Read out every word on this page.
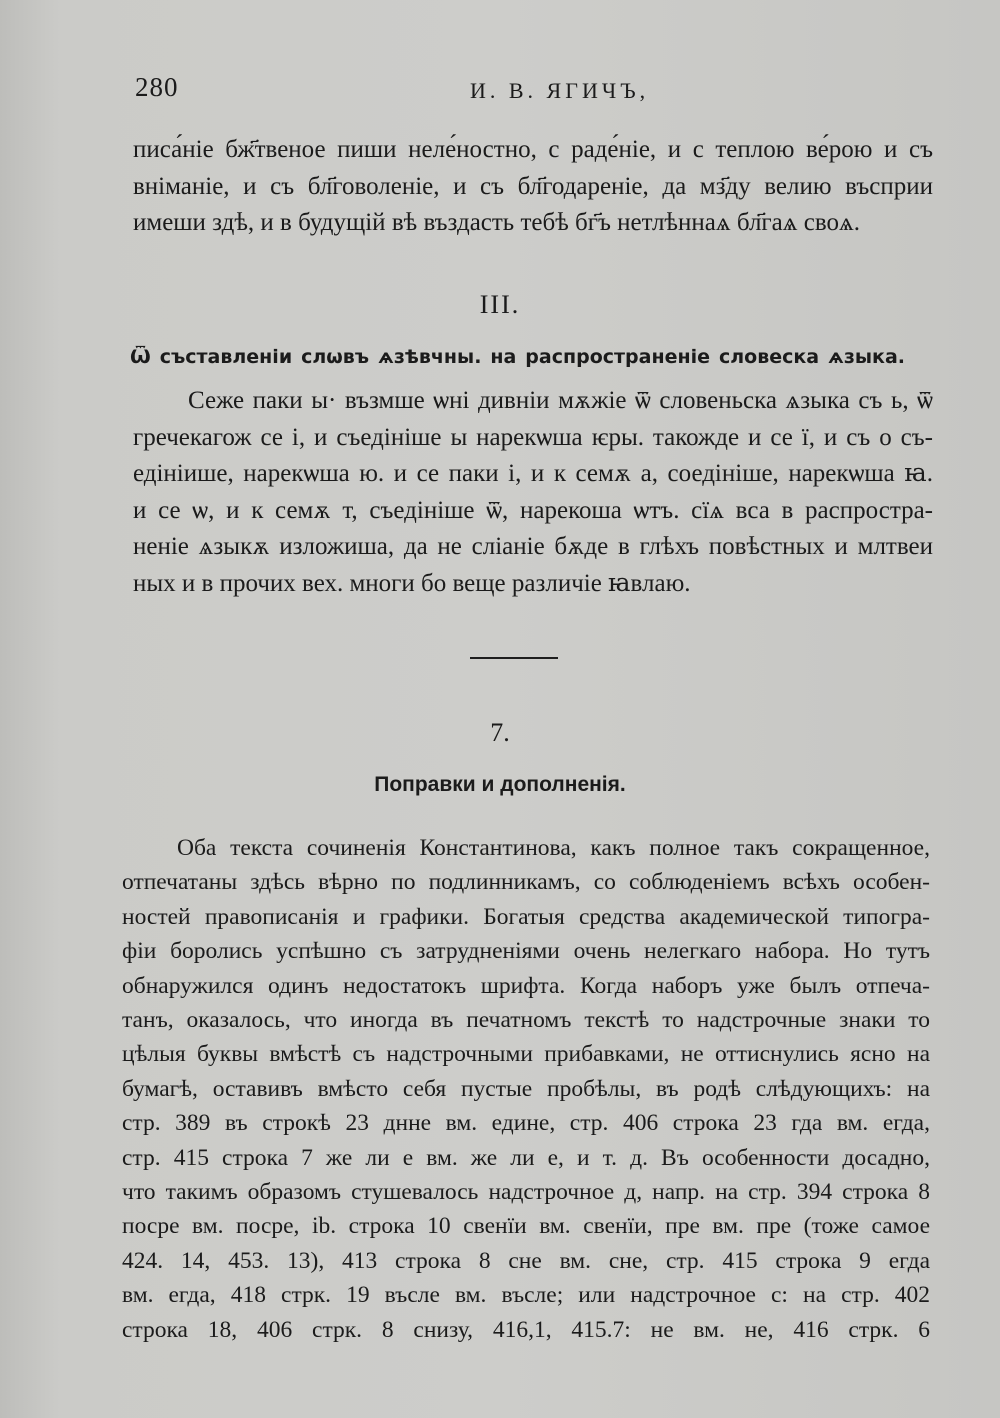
280	И. В. ЯГИЧЪ,
писа́ніе бж҃твеное пиши неле́ностно, с раде́ніе, и с теплою ве́рою и съ
вніманіе, и съ бл҃говоленіе, и съ бл҃годареніе, да мз҃ду велию въсприи
имеши здѣ, и в будущій вѣ въздасть тебѣ бг҃ъ нетлѣннаѧ бл҃гаѧ своѧ.
III.
Ѿ съставленіи слѡвъ ѧзѣвчны. на распространеніе словеска ѧзыка.
Сеже паки ы· възмше ѡні дивніи мѫжіе ѿ словеньска ѧзыка съ ь, ѿ
гречекагож се і, и съедініше ы нарекѡша ѥры. такожде и се ї, и съ о съ-
едініише, нарекѡша ю. и се паки і, и к семѫ а, соедініше, нарекѡша ꙗ.
и се ѡ, и к семѫ т, съедініше ѿ, нарекоша ѡтъ. сїѧ вса в распростра-
неніе ѧзыкѫ изложиша, да не сліаніе бѫде в глѣхъ повѣстных и млтвеи
ных и в прочих вех. многи бо веще различіе ꙗвлаю.
7.
Поправки и дополненія.
Оба текста сочиненія Константинова, какъ полное такъ сокращенное,
отпечатаны здѣсь вѣрно по подлинникамъ, со соблюденіемъ всѣхъ особен-
ностей правописанія и графики. Богатыя средства академической типогра-
фіи боролись успѣшно съ затрудненіями очень нелегкаго набора. Но тутъ
обнаружился одинъ недостатокъ шрифта. Когда наборъ уже былъ отпеча-
танъ, оказалось, что иногда въ печатномъ текстѣ то надстрочные знаки то
цѣлыя буквы вмѣстѣ съ надстрочными прибавками, не оттиснулись ясно на
бумагѣ, оставивъ вмѣсто себя пустые пробѣлы, въ родѣ слѣдующихъ: на
стр. 389 въ строкѣ 23 днне вм. едине, стр. 406 строка 23 гда вм. егда,
стр. 415 строка 7 же ли е вм. же ли е, и т. д. Въ особенности досадно,
что такимъ образомъ стушевалось надстрочное д, напр. на стр. 394 строка 8
посре вм. посре, ib. строка 10 свенїи вм. свенїи, пре вм. пре (тоже самое
424. 14, 453. 13), 413 строка 8 сне вм. сне, стр. 415 строка 9 егда
вм. егда, 418 стрк. 19 въсле вм. въсле; или надстрочное с: на стр. 402
строка 18, 406 стрк. 8 снизу, 416,1, 415.7: не вм. не, 416 стрк. 6
